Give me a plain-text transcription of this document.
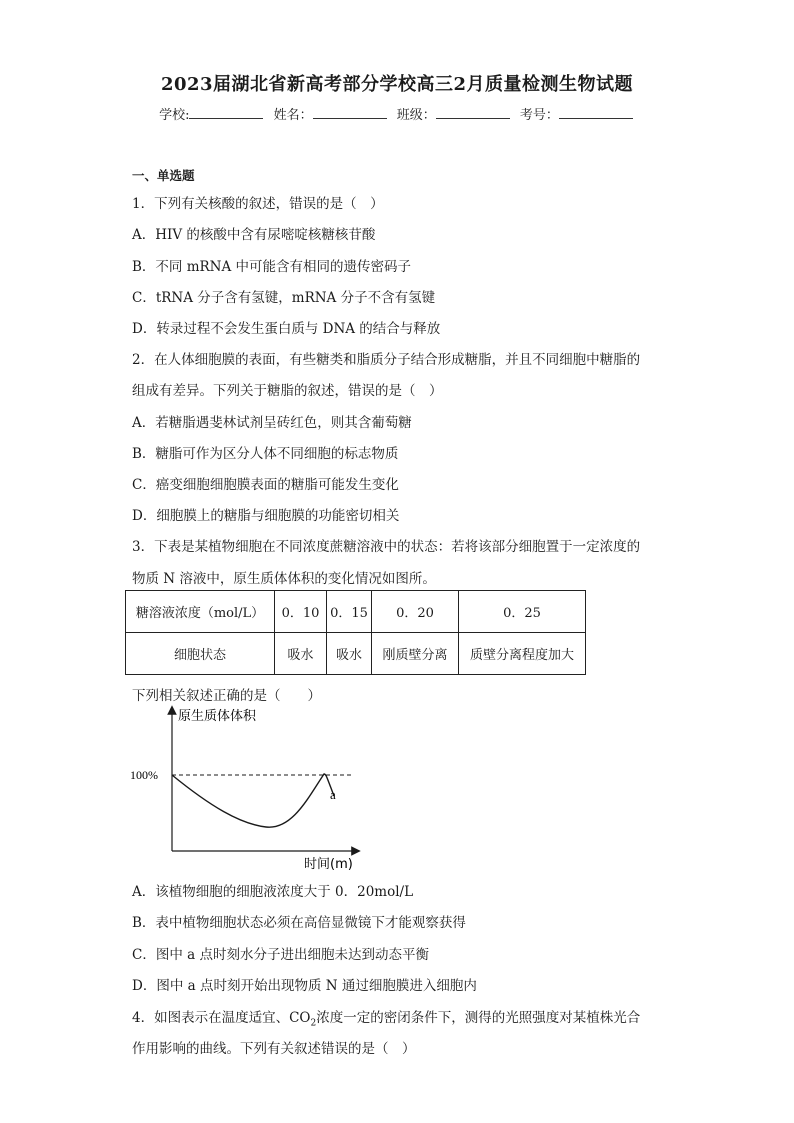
2023届湖北省新高考部分学校高三2月质量检测生物试题
学校:	姓名：	班级：	考号：
一、单选题
1．下列有关核酸的叙述，错误的是（　）
A．HIV 的核酸中含有尿嘧啶核糖核苷酸
B．不同 mRNA 中可能含有相同的遗传密码子
C．tRNA 分子含有氢键，mRNA 分子不含有氢键
D．转录过程不会发生蛋白质与 DNA 的结合与释放
2．在人体细胞膜的表面，有些糖类和脂质分子结合形成糖脂，并且不同细胞中糖脂的
组成有差异。下列关于糖脂的叙述，错误的是（　）
A．若糖脂遇斐林试剂呈砖红色，则其含葡萄糖
B．糖脂可作为区分人体不同细胞的标志物质
C．癌变细胞细胞膜表面的糖脂可能发生变化
D．细胞膜上的糖脂与细胞膜的功能密切相关
3．下表是某植物细胞在不同浓度蔗糖溶液中的状态：若将该部分细胞置于一定浓度的
物质 N 溶液中，原生质体体积的变化情况如图所。
糖溶液浓度（mol/L）	0．10	0．15	0．20	0．25
细胞状态	吸水	吸水	刚质壁分离	质壁分离程度加大
下列相关叙述正确的是（　　）
原生质体体积
100%
a
时间(m)
A．该植物细胞的细胞液浓度大于 0．20mol/L
B．表中植物细胞状态必须在高倍显微镜下才能观察获得
C．图中 a 点时刻水分子进出细胞未达到动态平衡
D．图中 a 点时刻开始出现物质 N 通过细胞膜进入细胞内
4．如图表示在温度适宜、$CO_2$浓度一定的密闭条件下，测得的光照强度对某植株光合
作用影响的曲线。下列有关叙述错误的是（　）
